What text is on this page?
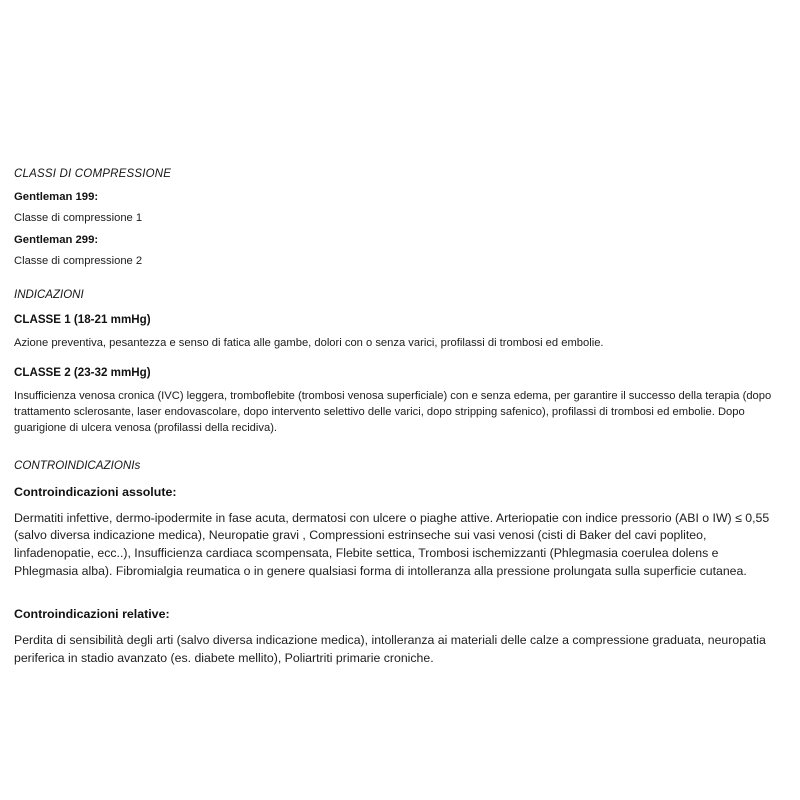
CLASSI DI COMPRESSIONE
Gentleman 199:
Classe di compressione 1
Gentleman 299:
Classe di compressione 2
INDICAZIONI
CLASSE 1 (18-21 mmHg)

Azione preventiva, pesantezza e senso di fatica alle gambe, dolori con o senza varici, profilassi di trombosi ed embolie.

CLASSE 2 (23-32 mmHg)

Insufficienza venosa cronica (IVC) leggera, tromboflebite (trombosi venosa superficiale) con e senza edema, per garantire il successo della terapia (dopo trattamento sclerosante, laser endovascolare, dopo intervento selettivo delle varici, dopo stripping safenico), profilassi di trombosi ed embolie. Dopo guarigione di ulcera venosa (profilassi della recidiva).

CONTROINDICAZIONIs
Controindicazioni assolute:

Dermatiti infettive, dermo-ipodermite in fase acuta, dermatosi con ulcere o piaghe attive. Arteriopatie con indice pressorio (ABI o IW) ≤ 0,55 (salvo diversa indicazione medica), Neuropatie gravi , Compressioni estrinseche sui vasi venosi (cisti di Baker del cavi popliteo, linfadenopatie, ecc..), Insufficienza cardiaca scompensata, Flebite settica, Trombosi ischemizzanti (Phlegmasia coerulea dolens e Phlegmasia alba). Fibromialgia reumatica o in genere qualsiasi forma di intolleranza alla pressione prolungata sulla superficie cutanea.

Controindicazioni relative:

Perdita di sensibilità degli arti (salvo diversa indicazione medica), intolleranza ai materiali delle calze a compressione graduata, neuropatia periferica in stadio avanzato (es. diabete mellito), Poliartriti primarie croniche.
